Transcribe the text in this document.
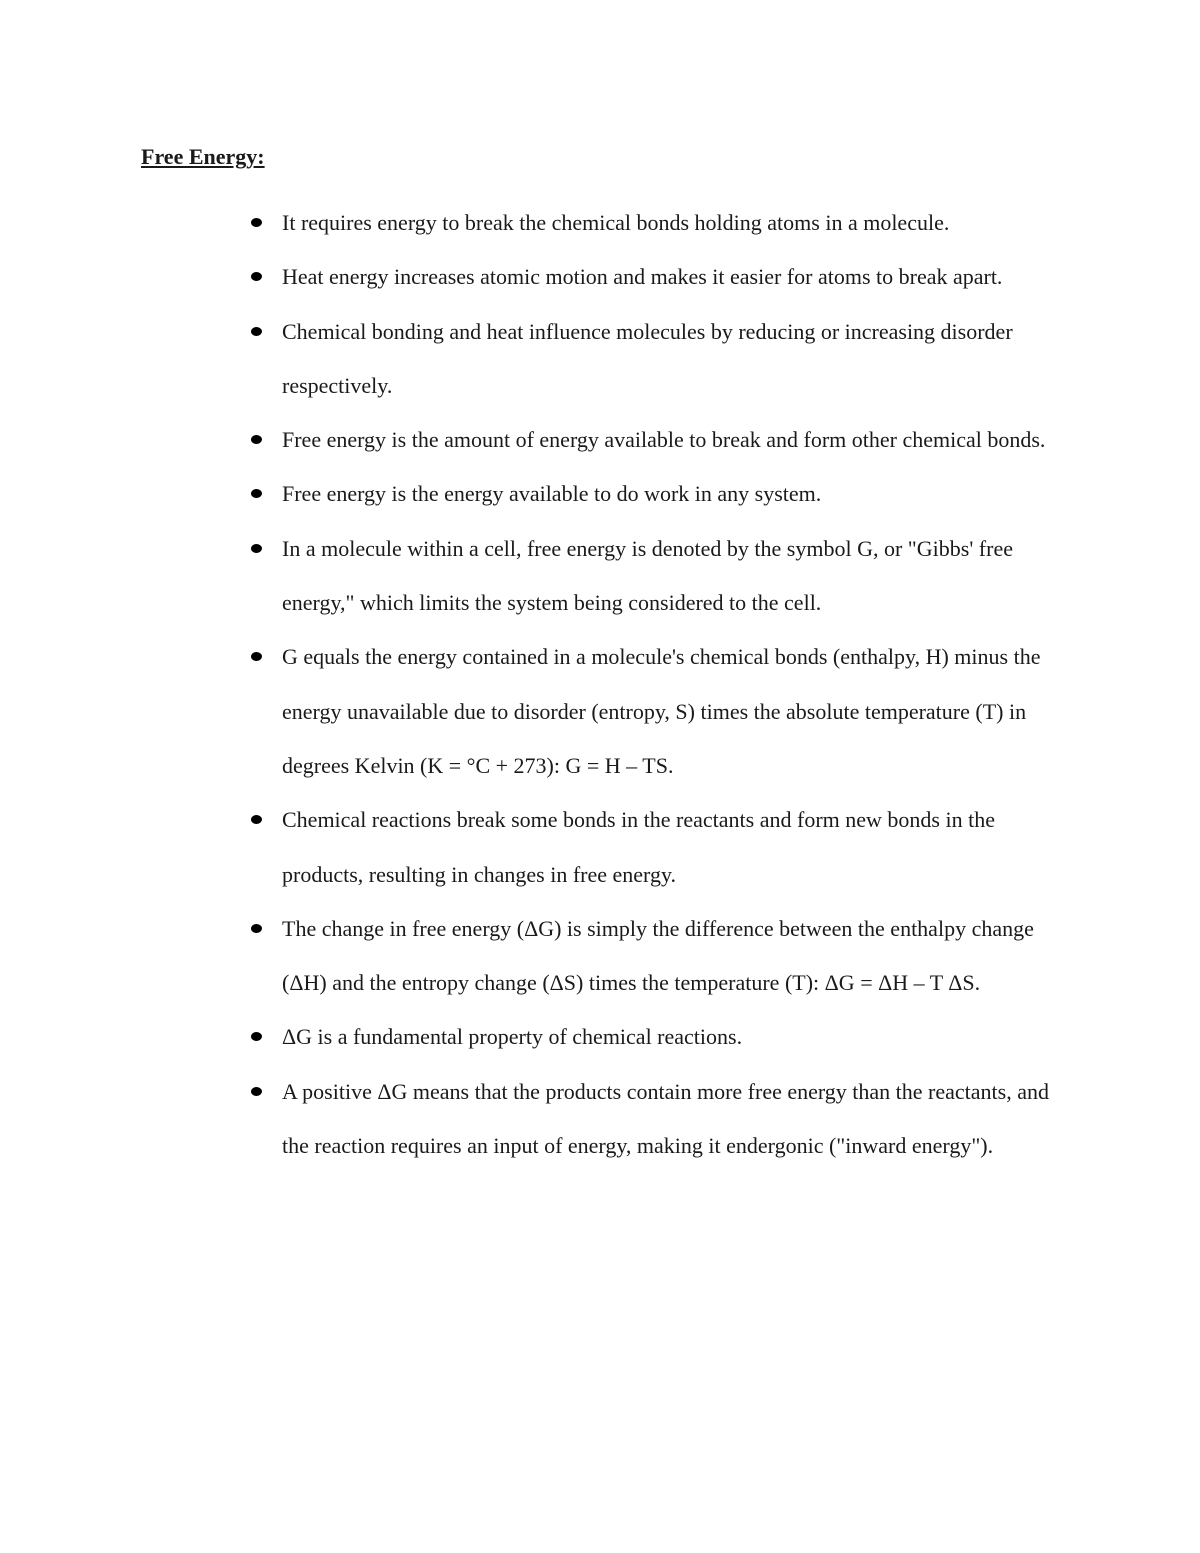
Free Energy:
It requires energy to break the chemical bonds holding atoms in a molecule.
Heat energy increases atomic motion and makes it easier for atoms to break apart.
Chemical bonding and heat influence molecules by reducing or increasing disorder respectively.
Free energy is the amount of energy available to break and form other chemical bonds.
Free energy is the energy available to do work in any system.
In a molecule within a cell, free energy is denoted by the symbol G, or "Gibbs' free energy," which limits the system being considered to the cell.
G equals the energy contained in a molecule's chemical bonds (enthalpy, H) minus the energy unavailable due to disorder (entropy, S) times the absolute temperature (T) in degrees Kelvin (K = °C + 273): G = H – TS.
Chemical reactions break some bonds in the reactants and form new bonds in the products, resulting in changes in free energy.
The change in free energy (ΔG) is simply the difference between the enthalpy change (ΔH) and the entropy change (ΔS) times the temperature (T): ΔG = ΔH – T ΔS.
ΔG is a fundamental property of chemical reactions.
A positive ΔG means that the products contain more free energy than the reactants, and the reaction requires an input of energy, making it endergonic ("inward energy").
